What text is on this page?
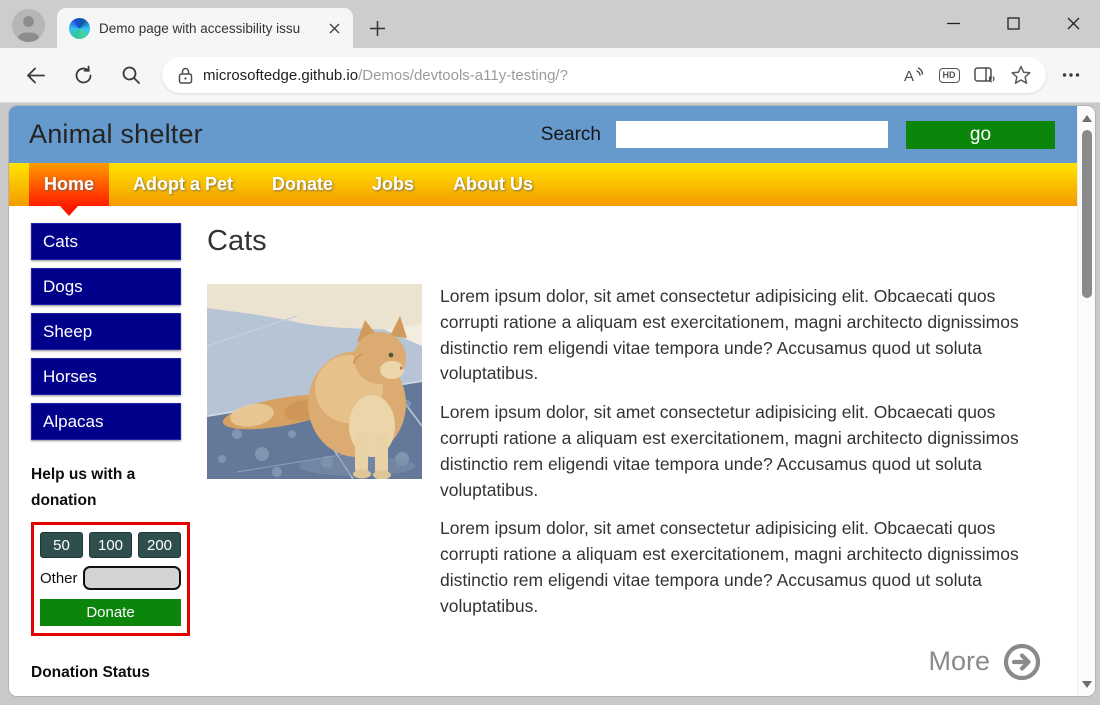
Demo page with accessibility issu
microsoftedge.github.io/Demos/devtools-a11y-testing/?	A	HD
Animal shelter	Search	go
Home	Adopt a Pet	Donate	Jobs	About Us
Cats
Dogs
Sheep
Horses
Alpacas
Help us with a donation
50	100	200
Other
Donate
Donation Status
Cats

Lorem ipsum dolor, sit amet consectetur adipisicing elit. Obcaecati quos corrupti ratione a aliquam est exercitationem, magni architecto dignissimos distinctio rem eligendi vitae tempora unde? Accusamus quod ut soluta voluptatibus.

Lorem ipsum dolor, sit amet consectetur adipisicing elit. Obcaecati quos corrupti ratione a aliquam est exercitationem, magni architecto dignissimos distinctio rem eligendi vitae tempora unde? Accusamus quod ut soluta voluptatibus.

Lorem ipsum dolor, sit amet consectetur adipisicing elit. Obcaecati quos corrupti ratione a aliquam est exercitationem, magni architecto dignissimos distinctio rem eligendi vitae tempora unde? Accusamus quod ut soluta voluptatibus.

More
